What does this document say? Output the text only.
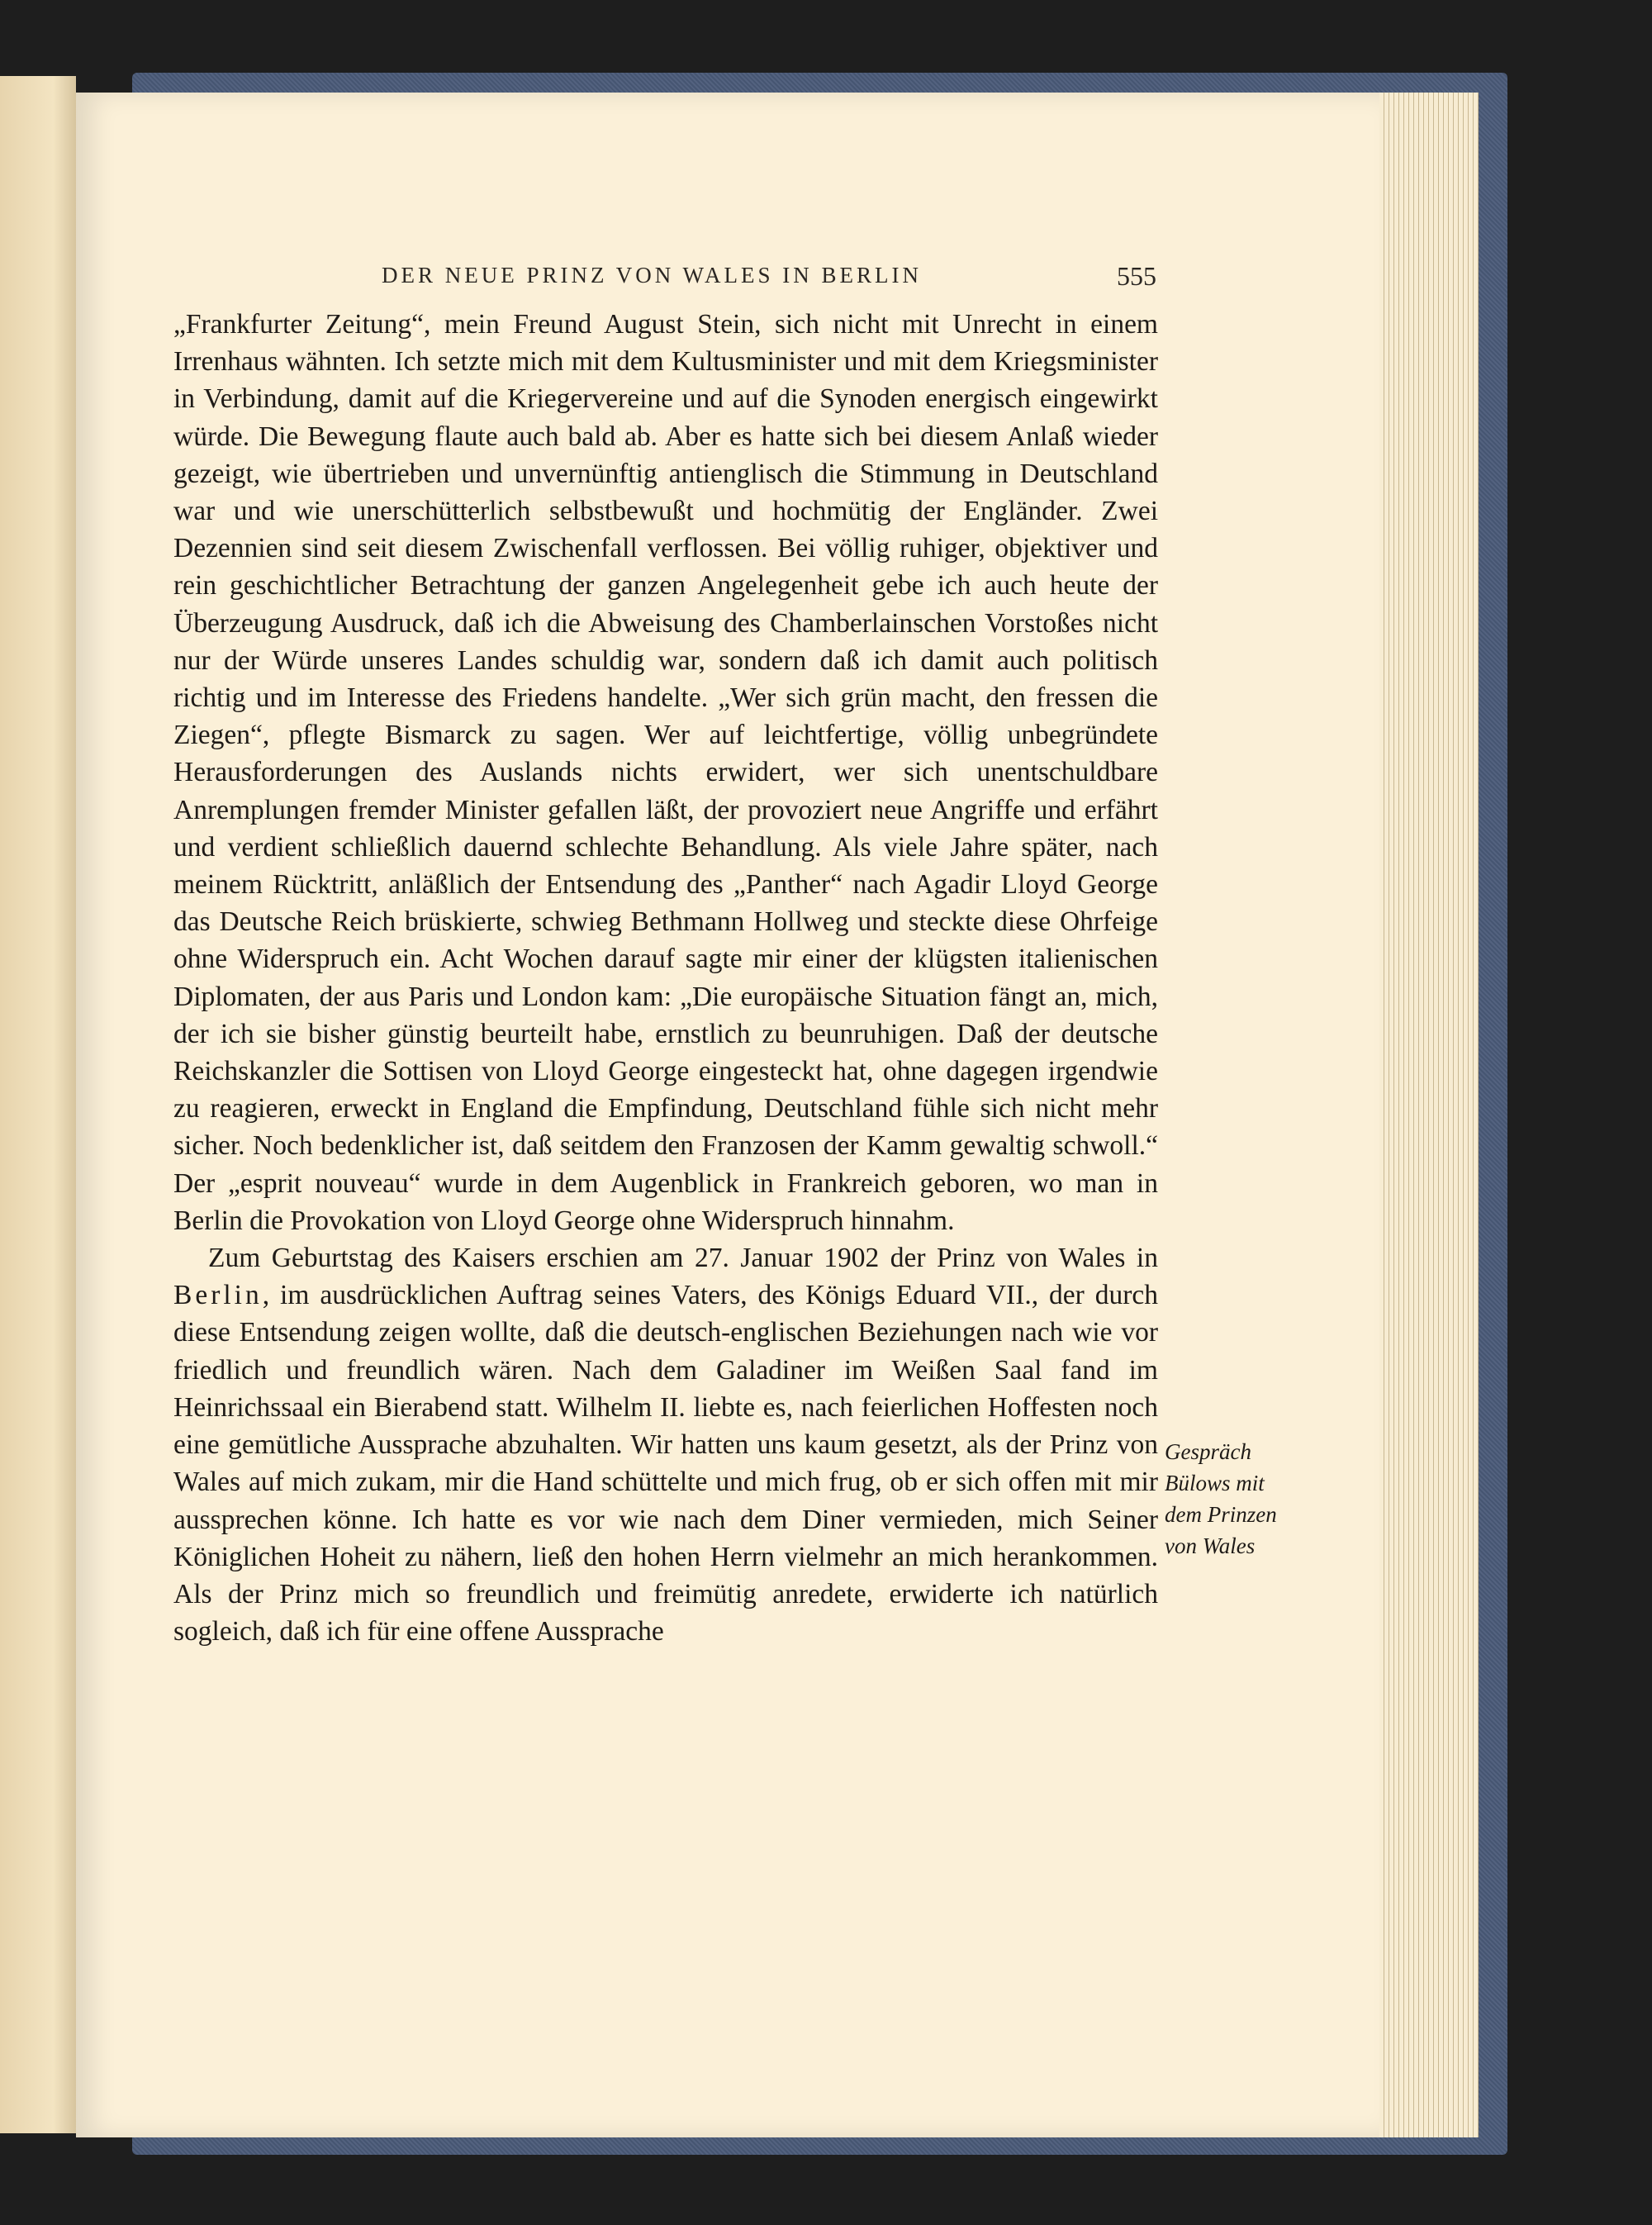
DER NEUE PRINZ VON WALES IN BERLIN	555

„Frankfurter Zeitung“, mein Freund August Stein, sich nicht mit Unrecht in einem Irrenhaus wähnten. Ich setzte mich mit dem Kultusminister und mit dem Kriegsminister in Verbindung, damit auf die Kriegervereine und auf die Synoden energisch eingewirkt würde. Die Bewegung flaute auch bald ab. Aber es hatte sich bei diesem Anlaß wieder gezeigt, wie übertrieben und unvernünftig antienglisch die Stimmung in Deutschland war und wie unerschütterlich selbstbewußt und hochmütig der Engländer. Zwei Dezennien sind seit diesem Zwischenfall verflossen. Bei völlig ruhiger, objektiver und rein geschichtlicher Betrachtung der ganzen Angelegenheit gebe ich auch heute der Überzeugung Ausdruck, daß ich die Abweisung des Chamberlainschen Vorstoßes nicht nur der Würde unseres Landes schuldig war, sondern daß ich damit auch politisch richtig und im Interesse des Friedens handelte. „Wer sich grün macht, den fressen die Ziegen“, pflegte Bismarck zu sagen. Wer auf leichtfertige, völlig unbegründete Herausforderungen des Auslands nichts erwidert, wer sich unentschuldbare Anremplungen fremder Minister gefallen läßt, der provoziert neue Angriffe und erfährt und verdient schließlich dauernd schlechte Behandlung. Als viele Jahre später, nach meinem Rücktritt, anläßlich der Entsendung des „Panther“ nach Agadir Lloyd George das Deutsche Reich brüskierte, schwieg Bethmann Hollweg und steckte diese Ohrfeige ohne Widerspruch ein. Acht Wochen darauf sagte mir einer der klügsten italienischen Diplomaten, der aus Paris und London kam: „Die europäische Situation fängt an, mich, der ich sie bisher günstig beurteilt habe, ernstlich zu beunruhigen. Daß der deutsche Reichskanzler die Sottisen von Lloyd George eingesteckt hat, ohne dagegen irgendwie zu reagieren, erweckt in England die Empfindung, Deutschland fühle sich nicht mehr sicher. Noch bedenklicher ist, daß seitdem den Franzosen der Kamm gewaltig schwoll.“ Der „esprit nouveau“ wurde in dem Augenblick in Frankreich geboren, wo man in Berlin die Provokation von Lloyd George ohne Widerspruch hinnahm.

Zum Geburtstag des Kaisers erschien am 27. Januar 1902 der Prinz von Wales in Berlin, im ausdrücklichen Auftrag seines Vaters, des Königs Eduard VII., der durch diese Entsendung zeigen wollte, daß die deutsch-englischen Beziehungen nach wie vor friedlich und freundlich wären. Nach dem Galadiner im Weißen Saal fand im Heinrichssaal ein Bierabend statt. Wilhelm II. liebte es, nach feierlichen Hoffesten noch eine gemütliche Aussprache abzuhalten. Wir hatten uns kaum gesetzt, als der Prinz von Wales auf mich zukam, mir die Hand schüttelte und mich frug, ob er sich offen mit mir aussprechen könne. Ich hatte es vor wie nach dem Diner vermieden, mich Seiner Königlichen Hoheit zu nähern, ließ den hohen Herrn vielmehr an mich herankommen. Als der Prinz mich so freundlich und freimütig anredete, erwiderte ich natürlich sogleich, daß ich für eine offene Aussprache

Gespräch
Bülows mit
dem Prinzen
von Wales
